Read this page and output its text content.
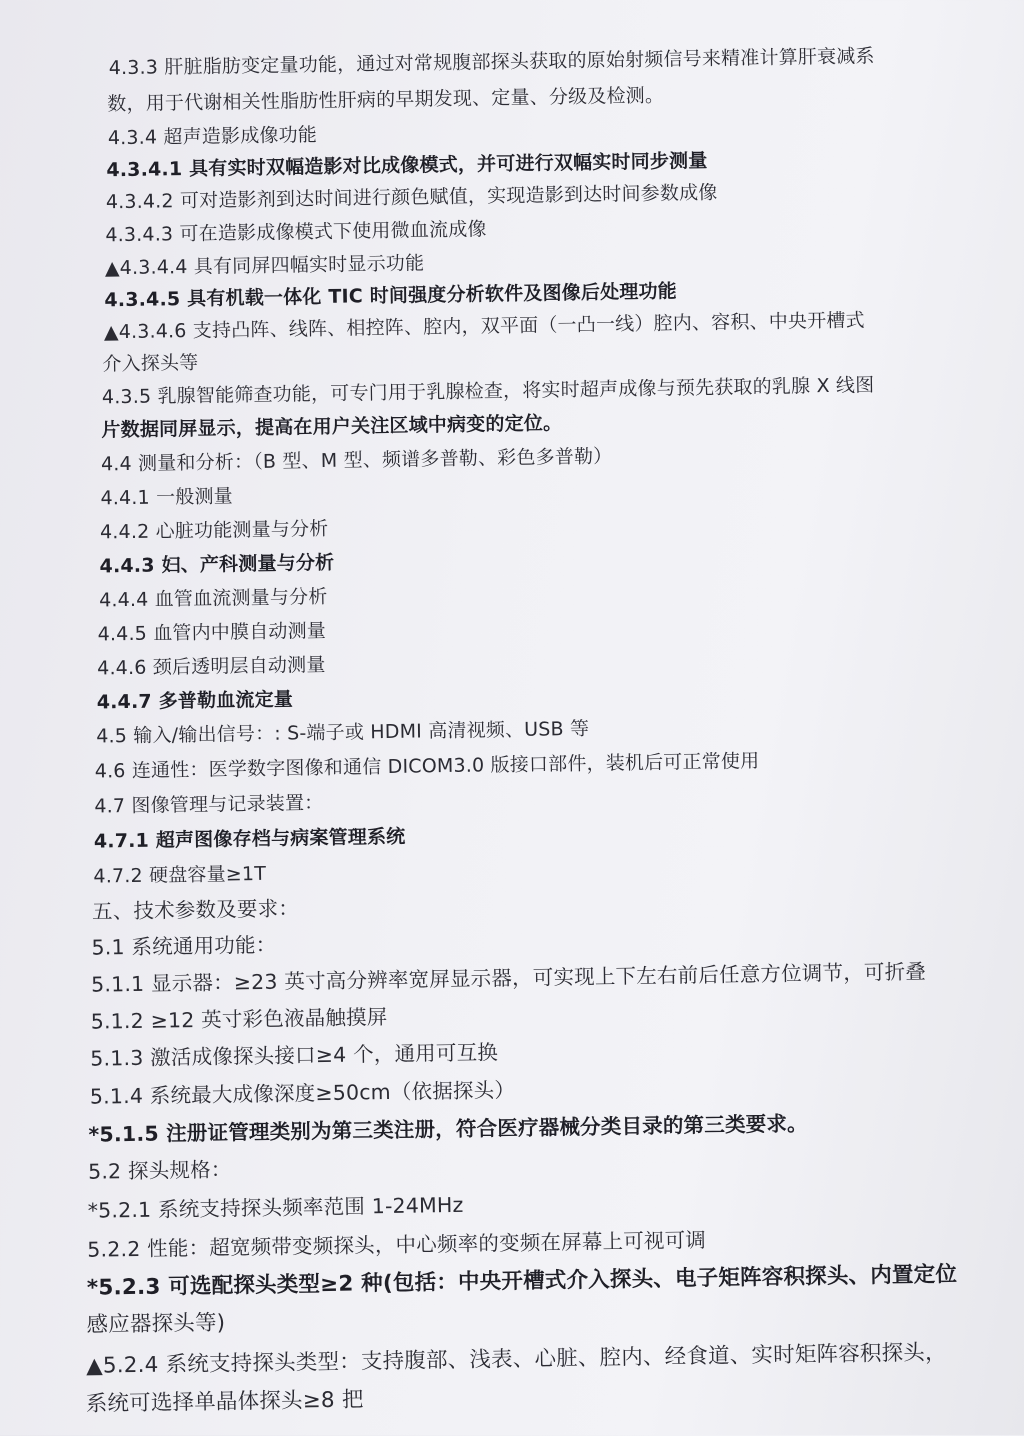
4.3.3 肝脏脂肪变定量功能，通过对常规腹部探头获取的原始射频信号来精准计算肝衰减系
数，用于代谢相关性脂肪性肝病的早期发现、定量、分级及检测。
4.3.4 超声造影成像功能
4.3.4.1 具有实时双幅造影对比成像模式，并可进行双幅实时同步测量
4.3.4.2 可对造影剂到达时间进行颜色赋值，实现造影到达时间参数成像
4.3.4.3 可在造影成像模式下使用微血流成像
▲4.3.4.4 具有同屏四幅实时显示功能
4.3.4.5 具有机载一体化 TIC 时间强度分析软件及图像后处理功能
▲4.3.4.6 支持凸阵、线阵、相控阵、腔内，双平面（一凸一线）腔内、容积、中央开槽式
介入探头等
4.3.5 乳腺智能筛查功能，可专门用于乳腺检查，将实时超声成像与预先获取的乳腺 X 线图
片数据同屏显示，提高在用户关注区域中病变的定位。
4.4 测量和分析：（B 型、M 型、频谱多普勒、彩色多普勒）
4.4.1 一般测量
4.4.2 心脏功能测量与分析
4.4.3 妇、产科测量与分析
4.4.4 血管血流测量与分析
4.4.5 血管内中膜自动测量
4.4.6 颈后透明层自动测量
4.4.7 多普勒血流定量
4.5 输入/输出信号：: S-端子或 HDMI 高清视频、USB 等
4.6 连通性：医学数字图像和通信 DICOM3.0 版接口部件，装机后可正常使用
4.7 图像管理与记录装置：
4.7.1 超声图像存档与病案管理系统
4.7.2 硬盘容量≥1T
五、技术参数及要求：
5.1 系统通用功能：
5.1.1 显示器：≥23 英寸高分辨率宽屏显示器，可实现上下左右前后任意方位调节，可折叠
5.1.2 ≥12 英寸彩色液晶触摸屏
5.1.3 激活成像探头接口≥4 个，通用可互换
5.1.4 系统最大成像深度≥50cm（依据探头）
*5.1.5 注册证管理类别为第三类注册，符合医疗器械分类目录的第三类要求。
5.2 探头规格：
*5.2.1 系统支持探头频率范围 1-24MHz
5.2.2 性能：超宽频带变频探头，中心频率的变频在屏幕上可视可调
*5.2.3 可选配探头类型≥2 种(包括：中央开槽式介入探头、电子矩阵容积探头、内置定位
感应器探头等)
▲5.2.4 系统支持探头类型：支持腹部、浅表、心脏、腔内、经食道、实时矩阵容积探头，
系统可选择单晶体探头≥8 把
